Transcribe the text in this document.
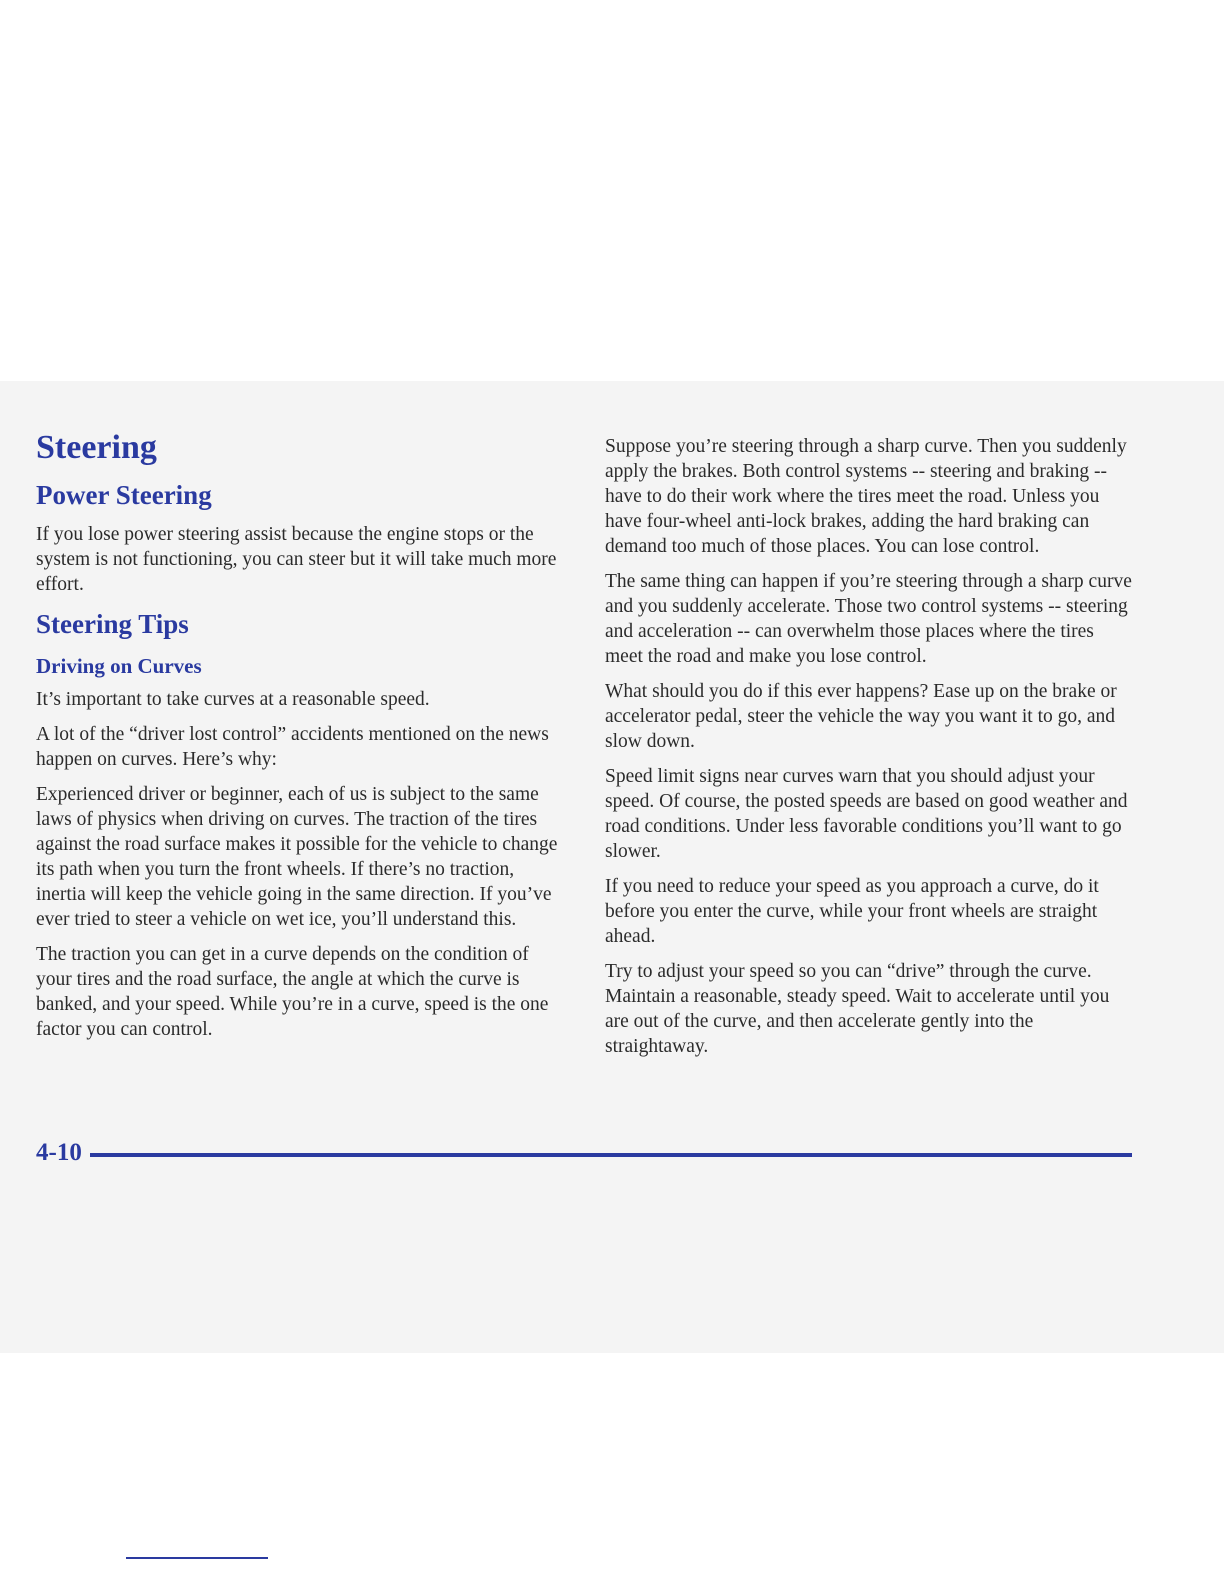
Steering
Power Steering

If you lose power steering assist because the engine stops or the system is not functioning, you can steer but it will take much more effort.

Steering Tips
Driving on Curves

It’s important to take curves at a reasonable speed.

A lot of the “driver lost control” accidents mentioned on the news happen on curves. Here’s why:

Experienced driver or beginner, each of us is subject to the same laws of physics when driving on curves. The traction of the tires against the road surface makes it possible for the vehicle to change its path when you turn the front wheels. If there’s no traction, inertia will keep the vehicle going in the same direction. If you’ve ever tried to steer a vehicle on wet ice, you’ll understand this.

The traction you can get in a curve depends on the condition of your tires and the road surface, the angle at which the curve is banked, and your speed. While you’re in a curve, speed is the one factor you can control.

Suppose you’re steering through a sharp curve. Then you suddenly apply the brakes. Both control systems -- steering and braking -- have to do their work where the tires meet the road. Unless you have four-wheel anti-lock brakes, adding the hard braking can demand too much of those places. You can lose control.

The same thing can happen if you’re steering through a sharp curve and you suddenly accelerate. Those two control systems -- steering and acceleration -- can overwhelm those places where the tires meet the road and make you lose control.

What should you do if this ever happens? Ease up on the brake or accelerator pedal, steer the vehicle the way you want it to go, and slow down.

Speed limit signs near curves warn that you should adjust your speed. Of course, the posted speeds are based on good weather and road conditions. Under less favorable conditions you’ll want to go slower.

If you need to reduce your speed as you approach a curve, do it before you enter the curve, while your front wheels are straight ahead.

Try to adjust your speed so you can “drive” through the curve. Maintain a reasonable, steady speed. Wait to accelerate until you are out of the curve, and then accelerate gently into the straightaway.

4-10
